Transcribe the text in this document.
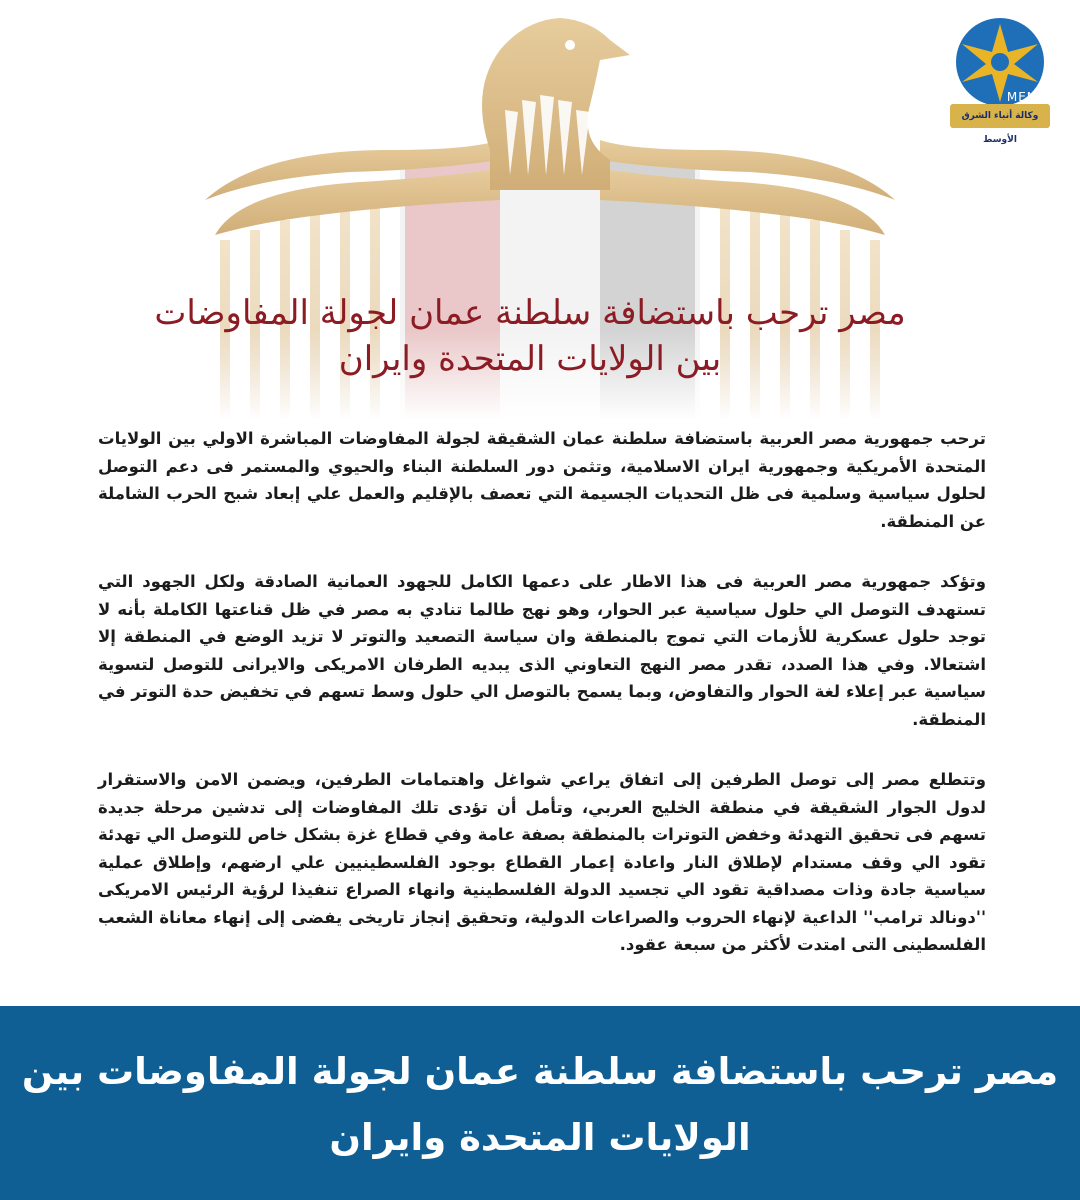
MENA
وكالة أنباء الشرق الأوسط
مصر ترحب باستضافة سلطنة عمان لجولة المفاوضات
بين الولايات المتحدة وايران

ترحب جمهورية مصر العربية باستضافة سلطنة عمان الشقيقة لجولة المفاوضات المباشرة الاولي بين الولايات المتحدة الأمريكية وجمهورية ايران الاسلامية، وتثمن دور السلطنة البناء والحيوي والمستمر فى دعم التوصل لحلول سياسية وسلمية فى ظل التحديات الجسيمة التي تعصف بالإقليم والعمل علي إبعاد شبح الحرب الشاملة عن المنطقة.

وتؤكد جمهورية مصر العربية فى هذا الاطار على دعمها الكامل للجهود العمانية الصادقة ولكل الجهود التي تستهدف التوصل الي حلول سياسية عبر الحوار، وهو نهج طالما تنادي به مصر في ظل قناعتها الكاملة بأنه لا توجد حلول عسكرية للأزمات التي تموج بالمنطقة وان سياسة التصعيد والتوتر لا تزيد الوضع في المنطقة إلا اشتعالا. وفي هذا الصدد، تقدر مصر النهج التعاوني الذى يبديه الطرفان الامريكى والايرانى للتوصل لتسوية سياسية عبر إعلاء لغة الحوار والتفاوض، وبما يسمح بالتوصل الي حلول وسط تسهم في تخفيض حدة التوتر في المنطقة.

وتتطلع مصر إلى توصل الطرفين إلى اتفاق يراعي شواغل واهتمامات الطرفين، ويضمن الامن والاستقرار لدول الجوار الشقيقة في منطقة الخليج العربي، وتأمل أن تؤدى تلك المفاوضات إلى تدشين مرحلة جديدة تسهم فى تحقيق التهدئة وخفض التوترات بالمنطقة بصفة عامة وفي قطاع غزة بشكل خاص للتوصل الي تهدئة تقود الي وقف مستدام لإطلاق النار واعادة إعمار القطاع بوجود الفلسطينيين علي ارضهم، وإطلاق عملية سياسية جادة وذات مصداقية تقود الي تجسيد الدولة الفلسطينية وانهاء الصراع تنفيذا لرؤية الرئيس الامريكى ''دونالد ترامب'' الداعية لإنهاء الحروب والصراعات الدولية، وتحقيق إنجاز تاريخى يفضى إلى إنهاء معاناة الشعب الفلسطينى التى امتدت لأكثر من سبعة عقود.

مصر ترحب باستضافة سلطنة عمان لجولة المفاوضات بين
الولايات المتحدة وايران
